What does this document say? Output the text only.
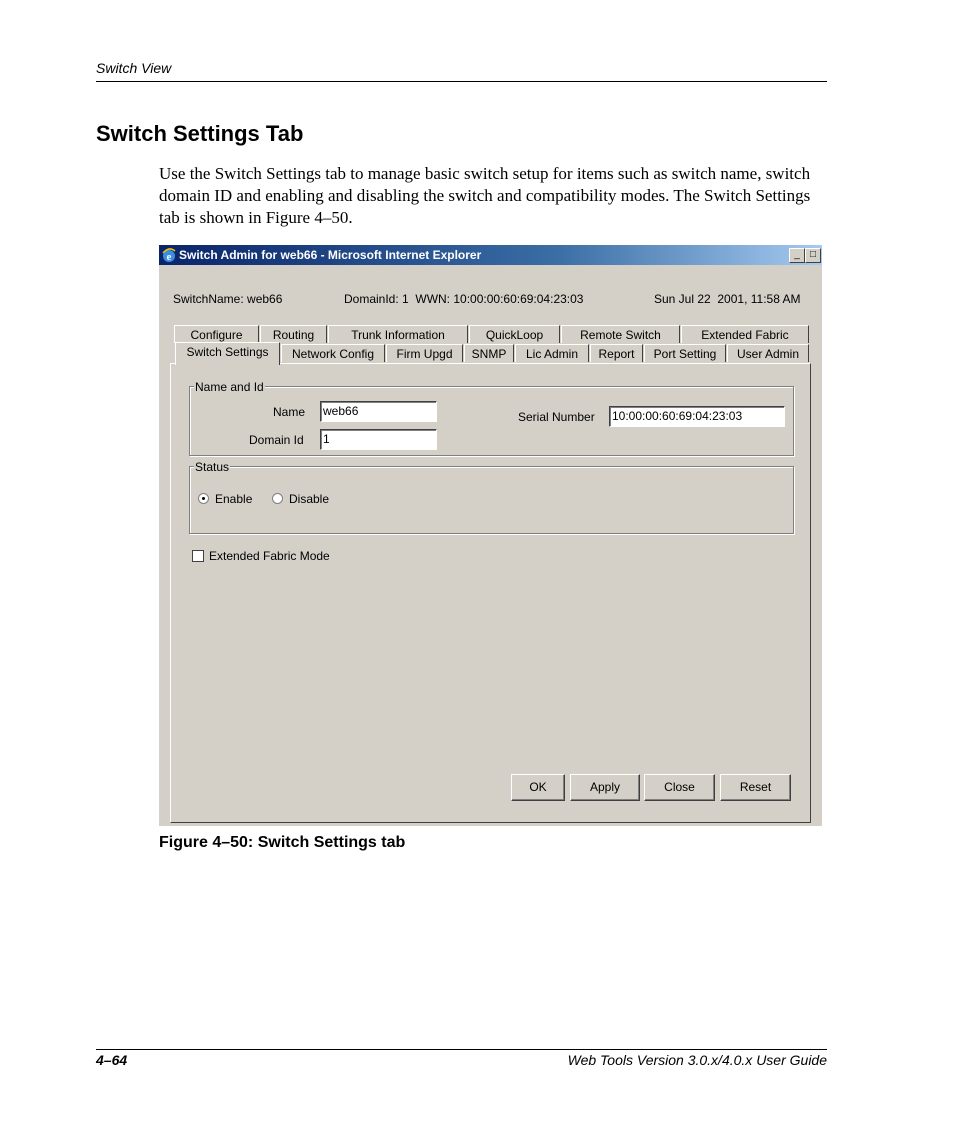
Switch View
Switch Settings Tab
Use the Switch Settings tab to manage basic switch setup for items such as switch name, switch domain ID and enabling and disabling the switch and compatibility modes. The Switch Settings tab is shown in Figure 4–50.
e Switch Admin for web66 - Microsoft Internet Explorer	_	□
SwitchName: web66	DomainId: 1  WWN: 10:00:00:60:69:04:23:03	Sun Jul 22  2001, 11:58 AM
Configure	Routing	Trunk Information	QuickLoop	Remote Switch	Extended Fabric
Switch Settings	Network Config	Firm Upgd	SNMP	Lic Admin	Report	Port Setting	User Admin
Name and Id
Name web66
Domain Id 1
Serial Number 10:00:00:60:69:04:23:03
Status
Enable	Disable
Extended Fabric Mode
OK	Apply	Close	Reset
Figure 4–50: Switch Settings tab
4–64	Web Tools Version 3.0.x/4.0.x User Guide
